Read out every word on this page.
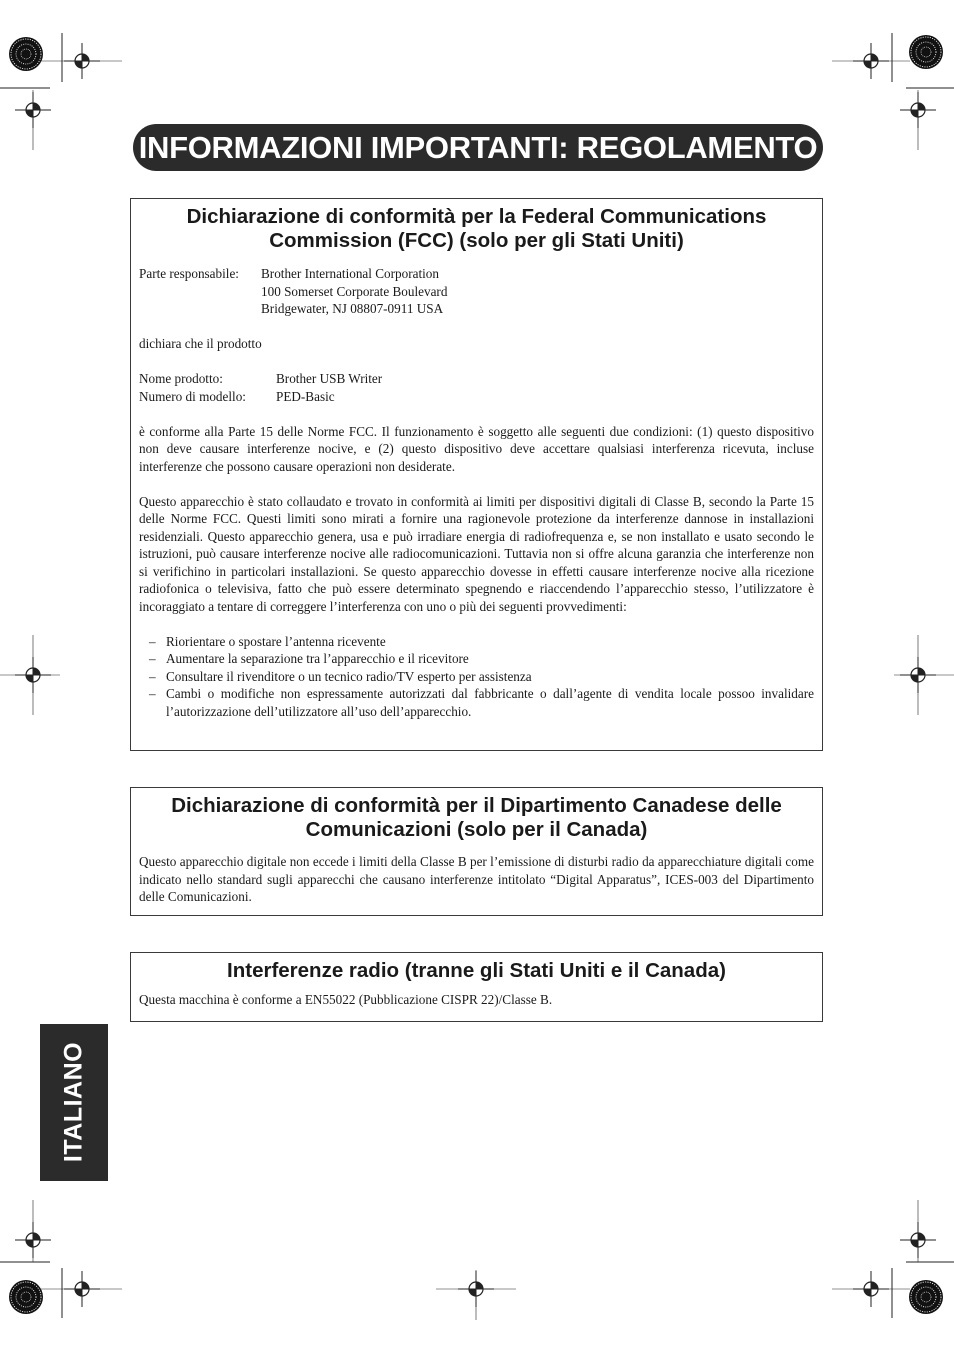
INFORMAZIONI IMPORTANTI: REGOLAMENTO
Dichiarazione di conformità per la Federal Communications Commission (FCC) (solo per gli Stati Uniti)
Parte responsabile:	Brother International Corporation
100 Somerset Corporate Boulevard
Bridgewater, NJ 08807-0911 USA

dichiara che il prodotto

Nome prodotto:	Brother USB Writer
Numero di modello:	PED-Basic

è conforme alla Parte 15 delle Norme FCC. Il funzionamento è soggetto alle seguenti due condizioni: (1) questo dispositivo non deve causare interferenze nocive, e (2) questo dispositivo deve accettare qualsiasi interferenza ricevuta, incluse interferenze che possono causare operazioni non desiderate.

Questo apparecchio è stato collaudato e trovato in conformità ai limiti per dispositivi digitali di Classe B, secondo la Parte 15 delle Norme FCC. Questi limiti sono mirati a fornire una ragionevole protezione da interferenze dannose in installazioni residenziali. Questo apparecchio genera, usa e può irradiare energia di radiofrequenza e, se non installato e usato secondo le istruzioni, può causare interferenze nocive alle radiocomunicazioni. Tuttavia non si offre alcuna garanzia che interferenze non si verifichino in particolari installazioni. Se questo apparecchio dovesse in effetti causare interferenze nocive alla ricezione radiofonica o televisiva, fatto che può essere determinato spegnendo e riaccendendo l’apparecchio stesso, l’utilizzatore è incoraggiato a tentare di correggere l’interferenza con uno o più dei seguenti provvedimenti:

– Riorientare o spostare l’antenna ricevente
– Aumentare la separazione tra l’apparecchio e il ricevitore
– Consultare il rivenditore o un tecnico radio/TV esperto per assistenza
– Cambi o modifiche non espressamente autorizzati dal fabbricante o dall’agente di vendita locale possoo invalidare l’autorizzazione dell’utilizzatore all’uso dell’apparecchio.
Dichiarazione di conformità per il Dipartimento Canadese delle Comunicazioni (solo per il Canada)

Questo apparecchio digitale non eccede i limiti della Classe B per l’emissione di disturbi radio da apparecchiature digitali come indicato nello standard sugli apparecchi che causano interferenze intitolato “Digital Apparatus”, ICES-003 del Dipartimento delle Comunicazioni.

Interferenze radio (tranne gli Stati Uniti e il Canada)

Questa macchina è conforme a EN55022 (Pubblicazione CISPR 22)/Classe B.

ITALIANO
